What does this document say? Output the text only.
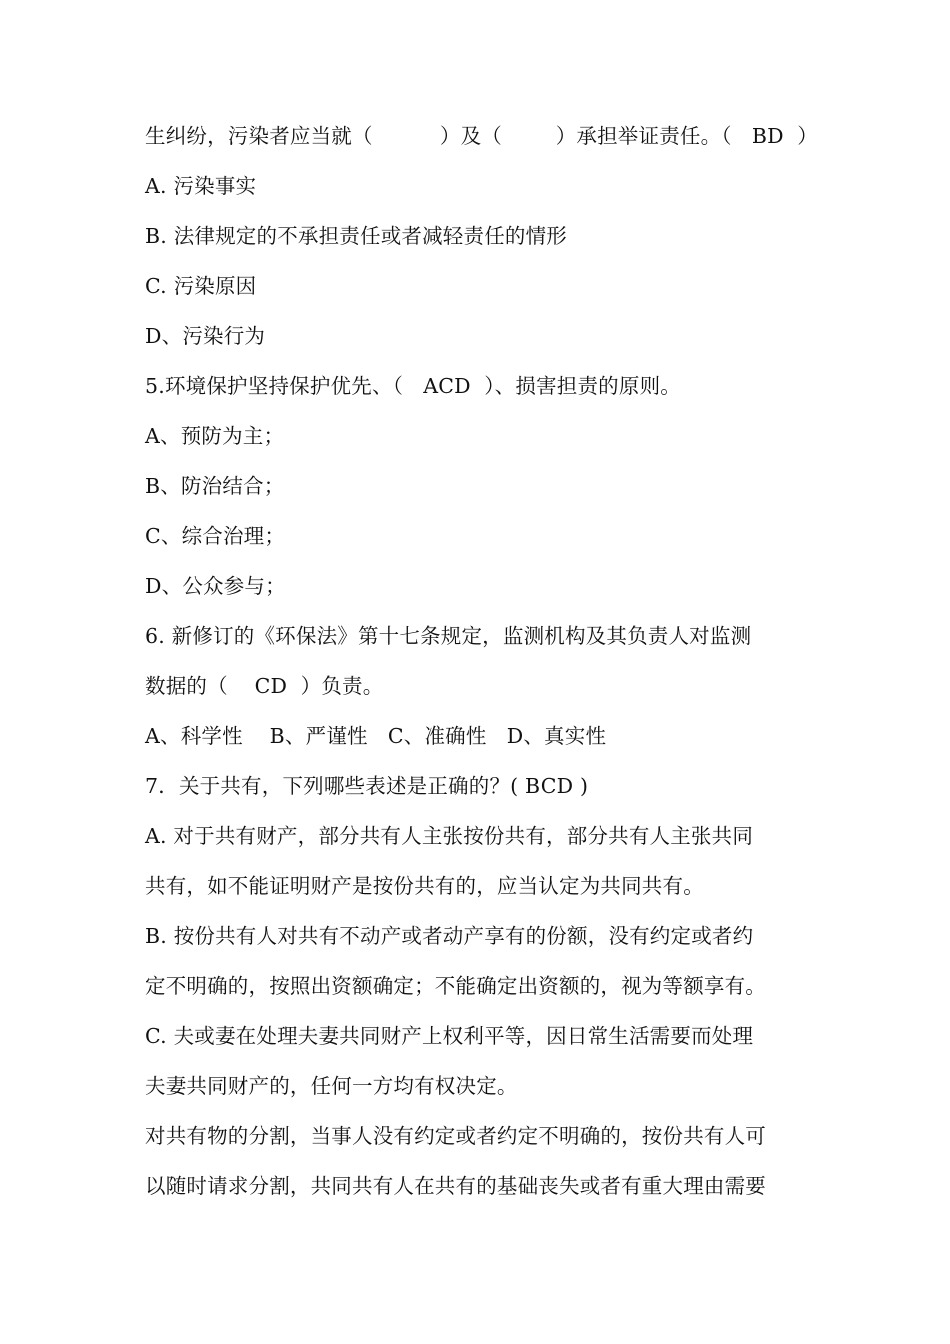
生纠纷，污染者应当就（          ）及（        ）承担举证责任。（   BD  ）
A. 污染事实
B. 法律规定的不承担责任或者减轻责任的情形
C. 污染原因
D、污染行为
5.环境保护坚持保护优先、（   ACD  ）、损害担责的原则。
A、预防为主；
B、防治结合；
C、综合治理；
D、公众参与；
6. 新修订的《环保法》第十七条规定，监测机构及其负责人对监测
数据的（    CD  ）负责。
A、科学性    B、严谨性   C、准确性   D、真实性
7．关于共有，下列哪些表述是正确的？( BCD )
A. 对于共有财产，部分共有人主张按份共有，部分共有人主张共同
共有，如不能证明财产是按份共有的，应当认定为共同共有。
B. 按份共有人对共有不动产或者动产享有的份额，没有约定或者约
定不明确的，按照出资额确定；不能确定出资额的，视为等额享有。
C. 夫或妻在处理夫妻共同财产上权利平等，因日常生活需要而处理
夫妻共同财产的，任何一方均有权决定。
对共有物的分割，当事人没有约定或者约定不明确的，按份共有人可
以随时请求分割，共同共有人在共有的基础丧失或者有重大理由需要
